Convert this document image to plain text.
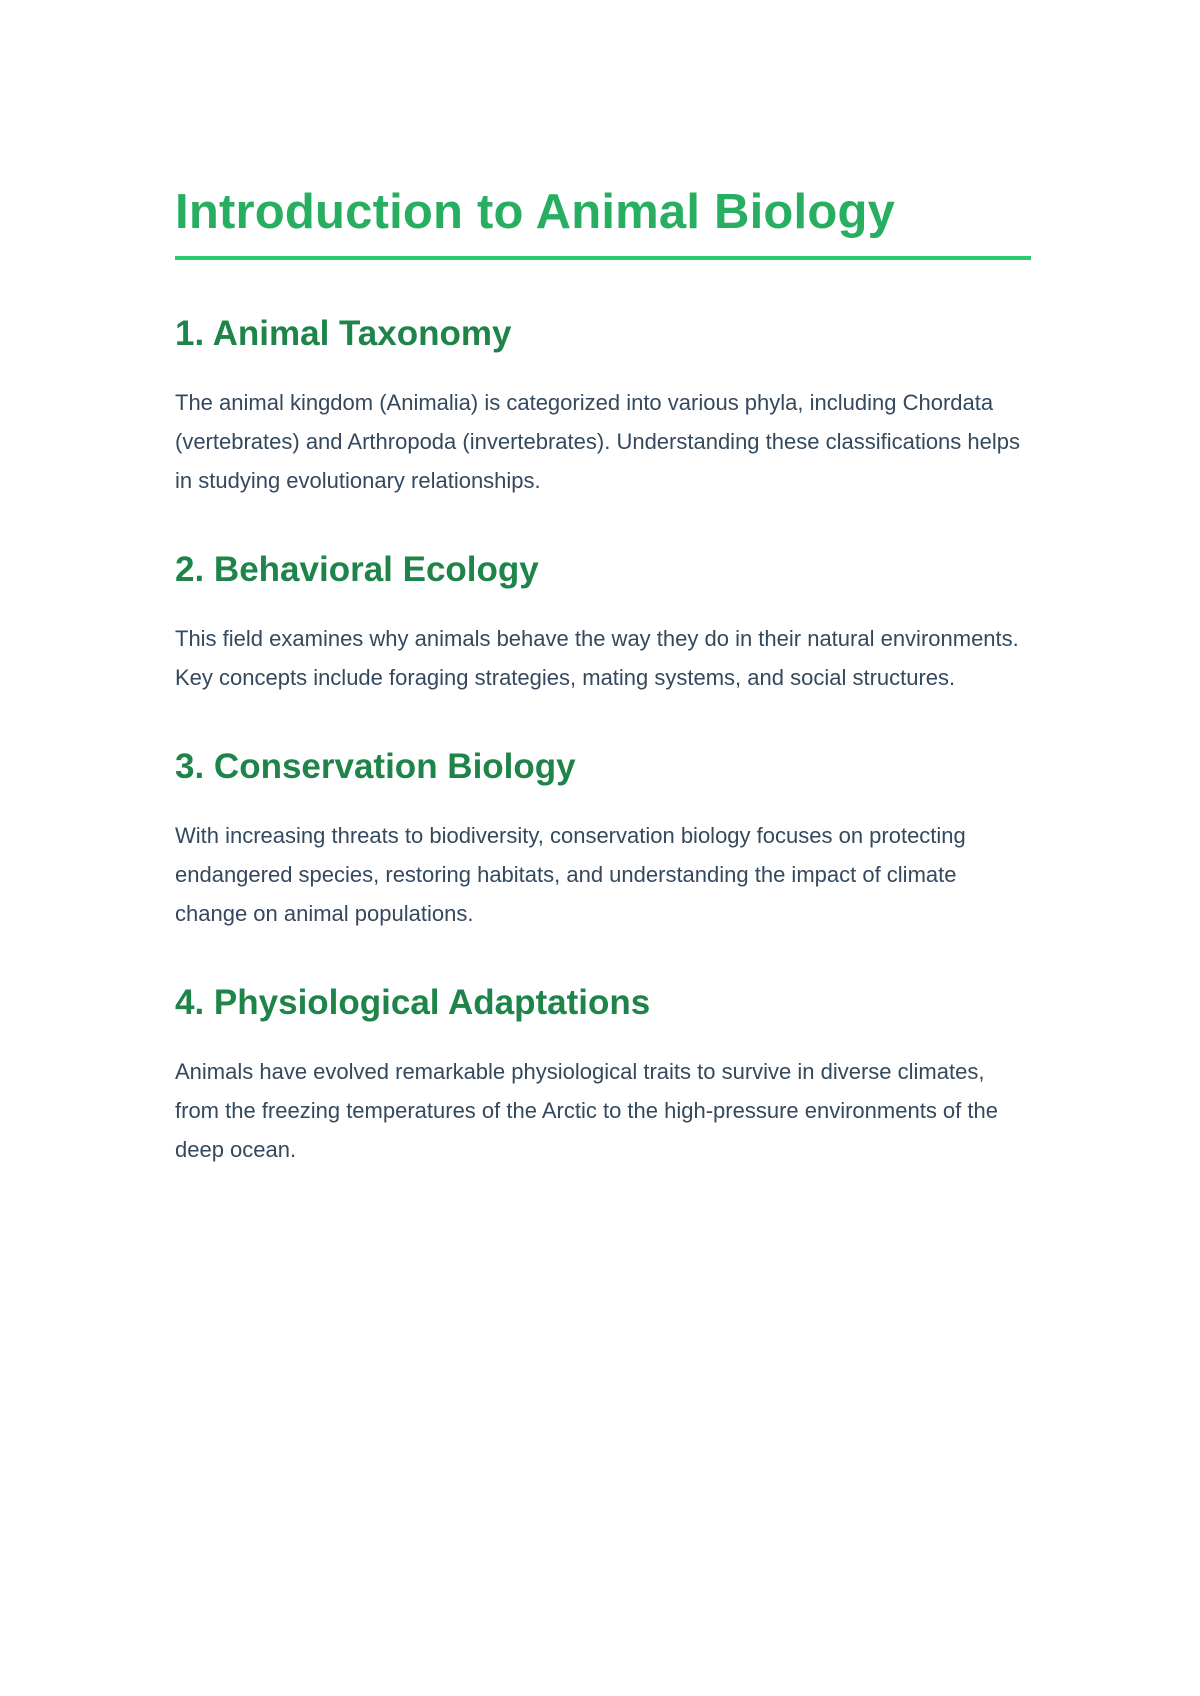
Introduction to Animal Biology
1. Animal Taxonomy

The animal kingdom (Animalia) is categorized into various phyla, including Chordata (vertebrates) and Arthropoda (invertebrates). Understanding these classifications helps in studying evolutionary relationships.

2. Behavioral Ecology

This field examines why animals behave the way they do in their natural environments. Key concepts include foraging strategies, mating systems, and social structures.

3. Conservation Biology

With increasing threats to biodiversity, conservation biology focuses on protecting endangered species, restoring habitats, and understanding the impact of climate change on animal populations.

4. Physiological Adaptations

Animals have evolved remarkable physiological traits to survive in diverse climates, from the freezing temperatures of the Arctic to the high-pressure environments of the deep ocean.
